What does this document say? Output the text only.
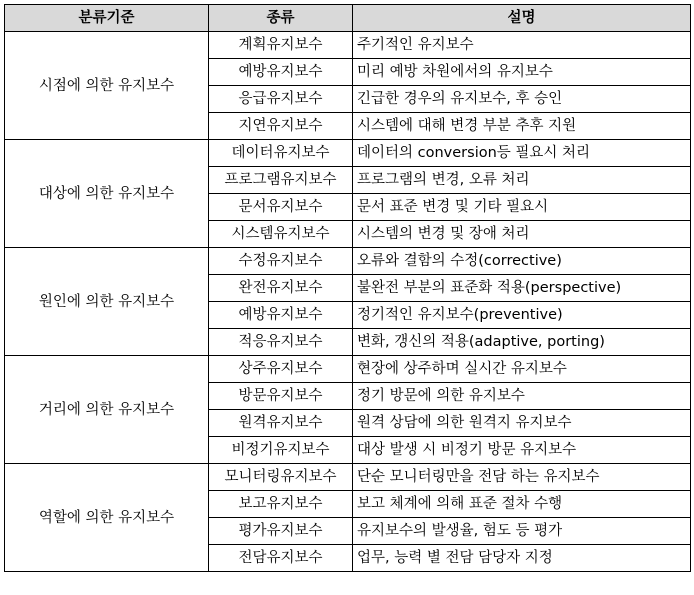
분류기준	종류	설명
시점에 의한 유지보수	계획유지보수	주기적인 유지보수
	예방유지보수	미리 예방 차원에서의 유지보수
	응급유지보수	긴급한 경우의 유지보수, 후 승인
	지연유지보수	시스템에 대해 변경 부분 추후 지원
대상에 의한 유지보수	데이터유지보수	데이터의 conversion등 필요시 처리
	프로그램유지보수	프로그램의 변경, 오류 처리
	문서유지보수	문서 표준 변경 및 기타 필요시
	시스템유지보수	시스템의 변경 및 장애 처리
원인에 의한 유지보수	수정유지보수	오류와 결함의 수정(corrective)
	완전유지보수	불완전 부분의 표준화 적용(perspective)
	예방유지보수	정기적인 유지보수(preventive)
	적응유지보수	변화, 갱신의 적용(adaptive, porting)
거리에 의한 유지보수	상주유지보수	현장에 상주하며 실시간 유지보수
	방문유지보수	정기 방문에 의한 유지보수
	원격유지보수	원격 상담에 의한 원격지 유지보수
	비정기유지보수	대상 발생 시 비정기 방문 유지보수
역할에 의한 유지보수	모니터링유지보수	단순 모니터링만을 전담 하는 유지보수
	보고유지보수	보고 체계에 의해 표준 절차 수행
	평가유지보수	유지보수의 발생율, 험도 등 평가
	전담유지보수	업무, 능력 별 전담 담당자 지정
